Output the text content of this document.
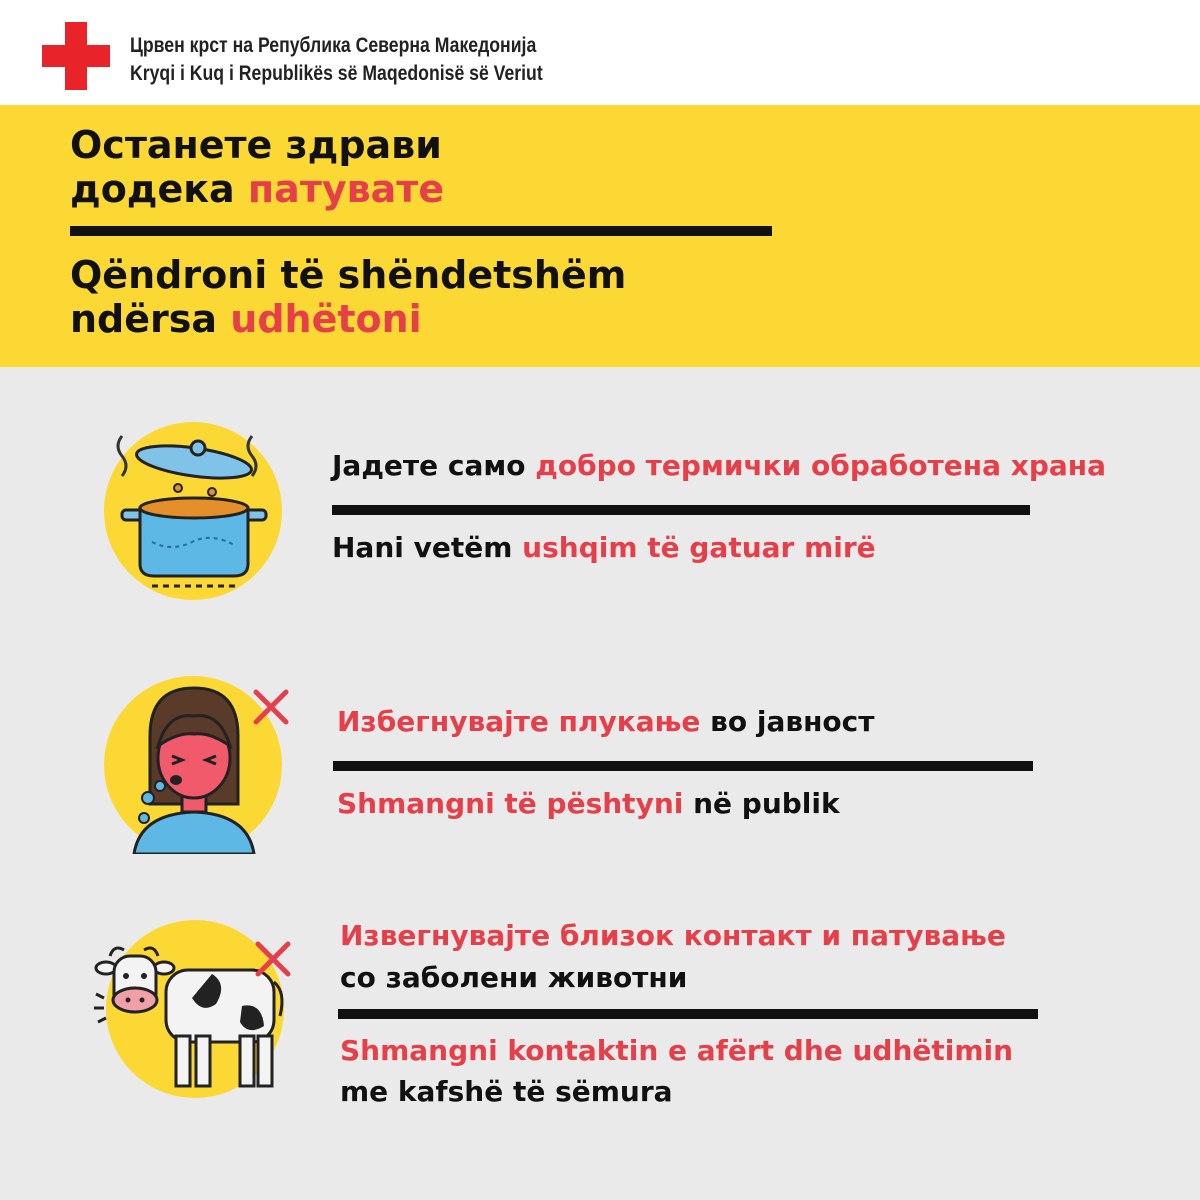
Црвен крст на Република Северна Македонија
Kryqi i Kuq i Republikës së Maqedonisë së Veriut
Останете здрави
додека патувате
Qëndroni të shëndetshëm
ndërsa udhëtoni
Јадете само добро термички обработена храна
Hani vetëm ushqim të gatuar mirë
Избегнувајте плукање во јавност
Shmangni të pështyni në publik
Извегнувајте близок контакт и патување
со заболени животни
Shmangni kontaktin e afërt dhe udhëtimin
me kafshë të sëmura
